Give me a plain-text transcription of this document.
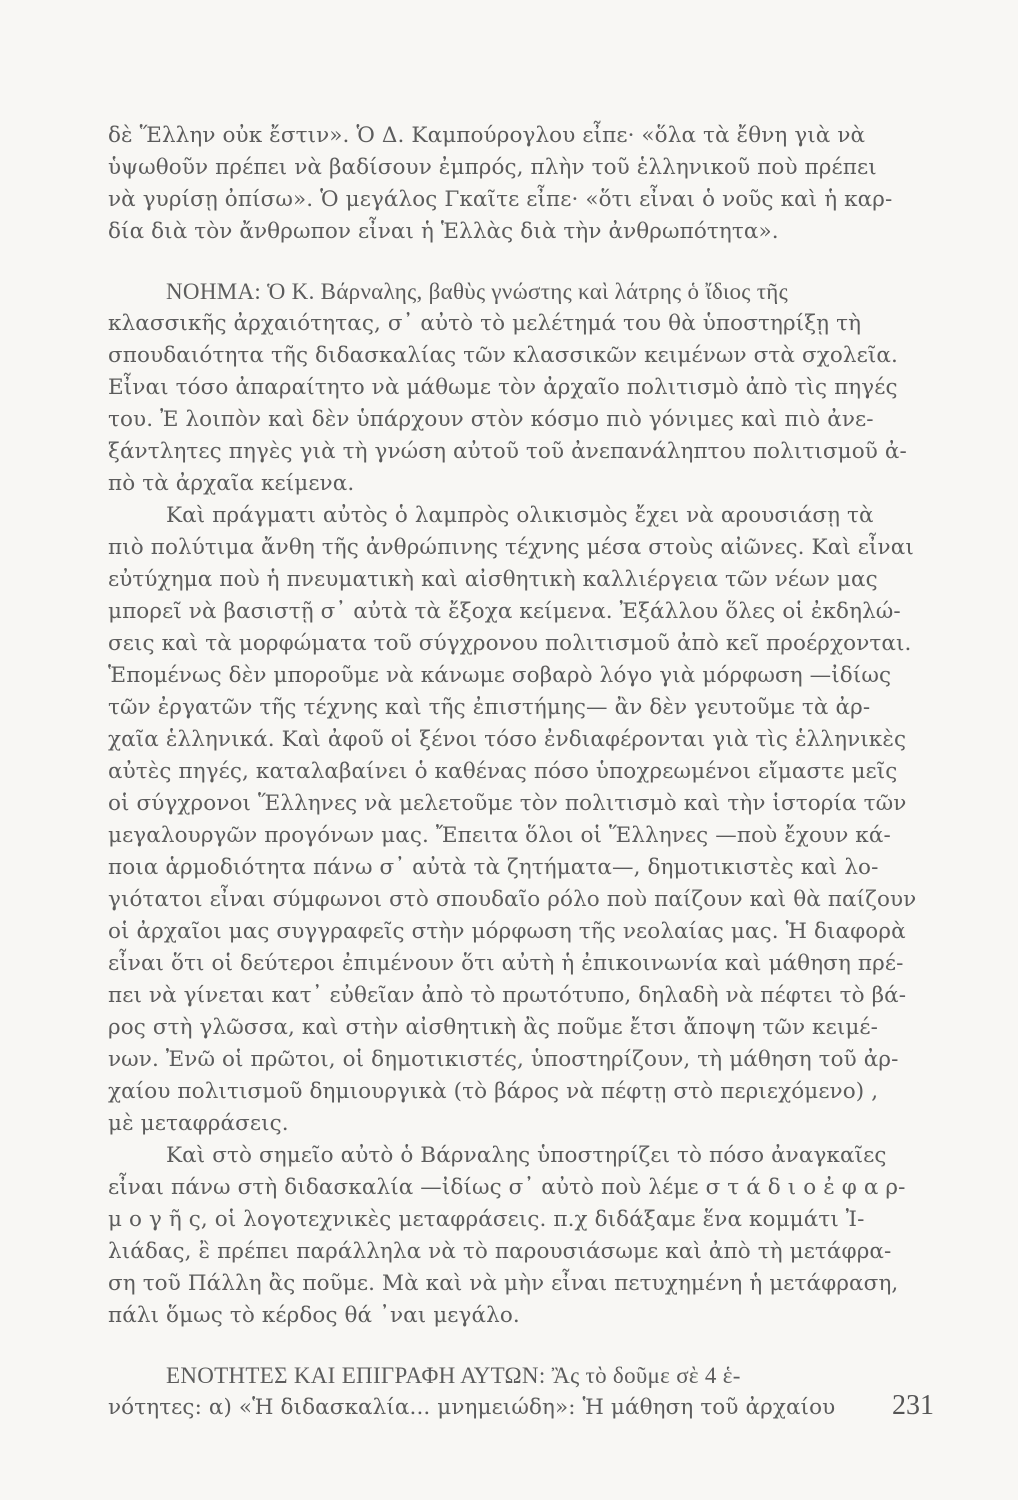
δὲ Ἕλλην οὐκ ἔστιν». Ὁ Δ. Καμπούρογλου εἶπε· «ὅλα τὰ ἔθνη γιὰ νὰ
ὑψωθοῦν πρέπει νὰ βαδίσουν ἐμπρός, πλὴν τοῦ ἑλληνικοῦ ποὺ πρέπει
νὰ γυρίσῃ ὀπίσω». Ὁ μεγάλος Γκαῖτε εἶπε· «ὅτι εἶναι ὁ νοῦς καὶ ἡ καρ-
δία διὰ τὸν ἄνθρωπον εἶναι ἡ Ἑλλὰς διὰ τὴν ἀνθρωπότητα».
ΝΟΗΜΑ: Ὁ Κ. Βάρναλης, βαθὺς γνώστης καὶ λάτρης ὁ ἴδιος τῆς
κλασσικῆς ἀρχαιότητας, σ᾽ αὐτὸ τὸ μελέτημά του θὰ ὑποστηρίξῃ τὴ
σπουδαιότητα τῆς διδασκαλίας τῶν κλασσικῶν κειμένων στὰ σχολεῖα.
Εἶναι τόσο ἀπαραίτητο νὰ μάθωμε τὸν ἀρχαῖο πολιτισμὸ ἀπὸ τὶς πηγές
του. Ἐ λοιπὸν καὶ δὲν ὑπάρχουν στὸν κόσμο πιὸ γόνιμες καὶ πιὸ ἀνε-
ξάντλητες πηγὲς γιὰ τὴ γνώση αὐτοῦ τοῦ ἀνεπανάληπτου πολιτισμοῦ ἀ-
πὸ τὰ ἀρχαῖα κείμενα.
Καὶ πράγματι αὐτὸς ὁ λαμπρὸς ολικισμὸς ἔχει νὰ αρουσιάσῃ τὰ
πιὸ πολύτιμα ἄνθη τῆς ἀνθρώπινης τέχνης μέσα στοὺς αἰῶνες. Καὶ εἶναι
εὐτύχημα ποὺ ἡ πνευματικὴ καὶ αἰσθητικὴ καλλιέργεια τῶν νέων μας
μπορεῖ νὰ βασιστῇ σ᾽ αὐτὰ τὰ ἔξοχα κείμενα. Ἐξάλλου ὅλες οἱ ἐκδηλώ-
σεις καὶ τὰ μορφώματα τοῦ σύγχρονου πολιτισμοῦ ἀπὸ κεῖ προέρχονται.
Ἑπομένως δὲν μποροῦμε νὰ κάνωμε σοβαρὸ λόγο γιὰ μόρφωση —ἰδίως
τῶν ἐργατῶν τῆς τέχνης καὶ τῆς ἐπιστήμης— ἂν δὲν γευτοῦμε τὰ ἀρ-
χαῖα ἑλληνικά. Καὶ ἀφοῦ οἱ ξένοι τόσο ἐνδιαφέρονται γιὰ τὶς ἑλληνικὲς
αὐτὲς πηγές, καταλαβαίνει ὁ καθένας πόσο ὑποχρεωμένοι εἴμαστε μεῖς
οἱ σύγχρονοι Ἕλληνες νὰ μελετοῦμε τὸν πολιτισμὸ καὶ τὴν ἱστορία τῶν
μεγαλουργῶν προγόνων μας. Ἔπειτα ὅλοι οἱ Ἕλληνες —ποὺ ἔχουν κά-
ποια ἁρμοδιότητα πάνω σ᾽ αὐτὰ τὰ ζητήματα—, δημοτικιστὲς καὶ λο-
γιότατοι εἶναι σύμφωνοι στὸ σπουδαῖο ρόλο ποὺ παίζουν καὶ θὰ παίζουν
οἱ ἀρχαῖοι μας συγγραφεῖς στὴν μόρφωση τῆς νεολαίας μας. Ἡ διαφορὰ
εἶναι ὅτι οἱ δεύτεροι ἐπιμένουν ὅτι αὐτὴ ἡ ἐπικοινωνία καὶ μάθηση πρέ-
πει νὰ γίνεται κατ᾽ εὐθεῖαν ἀπὸ τὸ πρωτότυπο, δηλαδὴ νὰ πέφτει τὸ βά-
ρος στὴ γλῶσσα, καὶ στὴν αἰσθητικὴ ἂς ποῦμε ἔτσι ἄποψη τῶν κειμέ-
νων. Ἐνῶ οἱ πρῶτοι, οἱ δημοτικιστές, ὑποστηρίζουν, τὴ μάθηση τοῦ ἀρ-
χαίου πολιτισμοῦ δημιουργικὰ (τὸ βάρος νὰ πέφτῃ στὸ περιεχόμενο) ,
μὲ μεταφράσεις.
Καὶ στὸ σημεῖο αὐτὸ ὁ Βάρναλης ὑποστηρίζει τὸ πόσο ἀναγκαῖες
εἶναι πάνω στὴ διδασκαλία —ἰδίως σ᾽ αὐτὸ ποὺ λέμε σ τ ά δ ι ο ἐ φ α ρ-
μ ο γ ῆ ς, οἱ λογοτεχνικὲς μεταφράσεις. π.χ διδάξαμε ἕνα κομμάτι Ἰ-
λιάδας, ἒ πρέπει παράλληλα νὰ τὸ παρουσιάσωμε καὶ ἀπὸ τὴ μετάφρα-
ση τοῦ Πάλλη ἂς ποῦμε. Μὰ καὶ νὰ μὴν εἶναι πετυχημένη ἡ μετάφραση,
πάλι ὅμως τὸ κέρδος θά ᾽ναι μεγάλο.
ΕΝΟΤΗΤΕΣ ΚΑΙ ΕΠΙΓΡΑΦΗ ΑΥΤΩΝ: Ἂς τὸ δοῦμε σὲ 4 ἑ-
νότητες: α) «Ἡ διδασκαλία... μνημειώδη»: Ἡ μάθηση τοῦ ἀρχαίου 231
